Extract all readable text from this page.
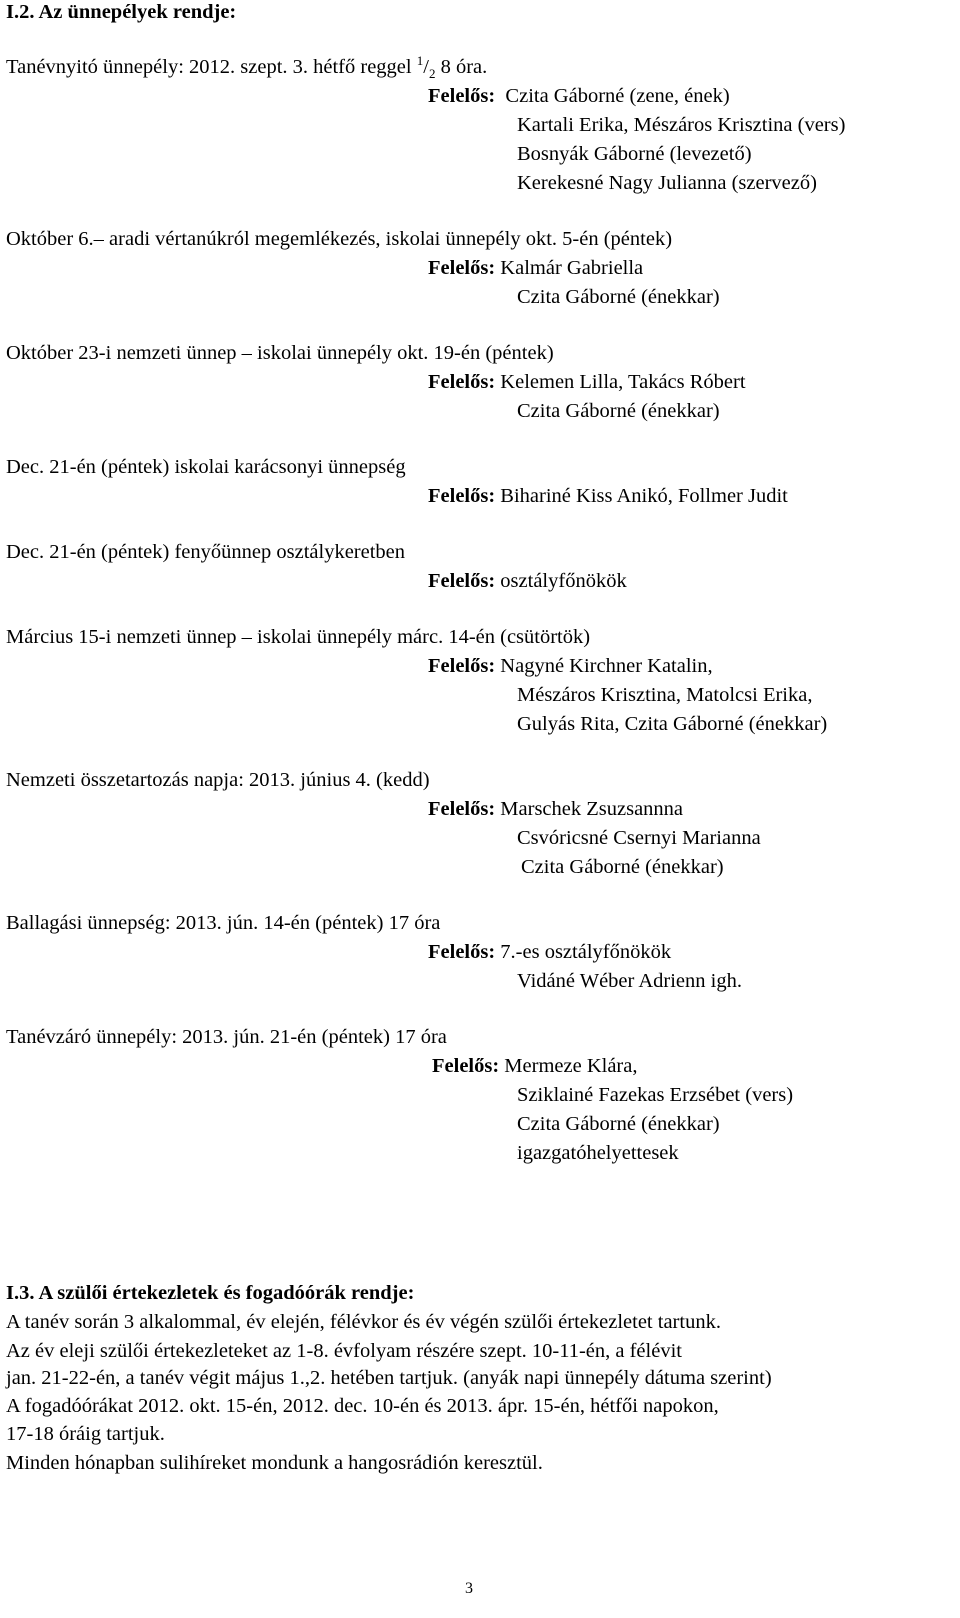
I.2. Az ünnepélyek rendje:
Tanévnyitó ünnepély: 2012. szept. 3. hétfő reggel $^1/_2$ 8 óra.
Felelős: Czita Gáborné (zene, ének)
Kartali Erika, Mészáros Krisztina (vers)
Bosnyák Gáborné (levezető)
Kerekesné Nagy Julianna (szervező)
Október 6.– aradi vértanúkról megemlékezés, iskolai ünnepély okt. 5-én (péntek)
Felelős: Kalmár Gabriella
Czita Gáborné (énekkar)
Október 23-i nemzeti ünnep – iskolai ünnepély okt. 19-én (péntek)
Felelős: Kelemen Lilla, Takács Róbert
Czita Gáborné (énekkar)
Dec. 21-én (péntek) iskolai karácsonyi ünnepség
Felelős: Bihariné Kiss Anikó, Follmer Judit
Dec. 21-én (péntek) fenyőünnep osztálykeretben
Felelős: osztályfőnökök
Március 15-i nemzeti ünnep – iskolai ünnepély márc. 14-én (csütörtök)
Felelős: Nagyné Kirchner Katalin,
Mészáros Krisztina, Matolcsi Erika,
Gulyás Rita, Czita Gáborné (énekkar)
Nemzeti összetartozás napja: 2013. június 4. (kedd)
Felelős: Marschek Zsuzsannna
Csvóricsné Csernyi Marianna
Czita Gáborné (énekkar)
Ballagási ünnepség: 2013. jún. 14-én (péntek) 17 óra
Felelős: 7.-es osztályfőnökök
Vidáné Wéber Adrienn igh.
Tanévzáró ünnepély: 2013. jún. 21-én (péntek) 17 óra
Felelős: Mermeze Klára,
Sziklainé Fazekas Erzsébet (vers)
Czita Gáborné (énekkar)
igazgatóhelyettesek
I.3. A szülői értekezletek és fogadóórák rendje:
A tanév során 3 alkalommal, év elején, félévkor és év végén szülői értekezletet tartunk.
Az év eleji szülői értekezleteket az 1-8. évfolyam részére szept. 10-11-én, a félévit
jan. 21-22-én, a tanév végit május 1.,2. hetében tartjuk. (anyák napi ünnepély dátuma szerint)
A fogadóórákat 2012. okt. 15-én, 2012. dec. 10-én és 2013. ápr. 15-én, hétfői napokon,
17-18 óráig tartjuk.
Minden hónapban sulihíreket mondunk a hangosrádión keresztül.
3
